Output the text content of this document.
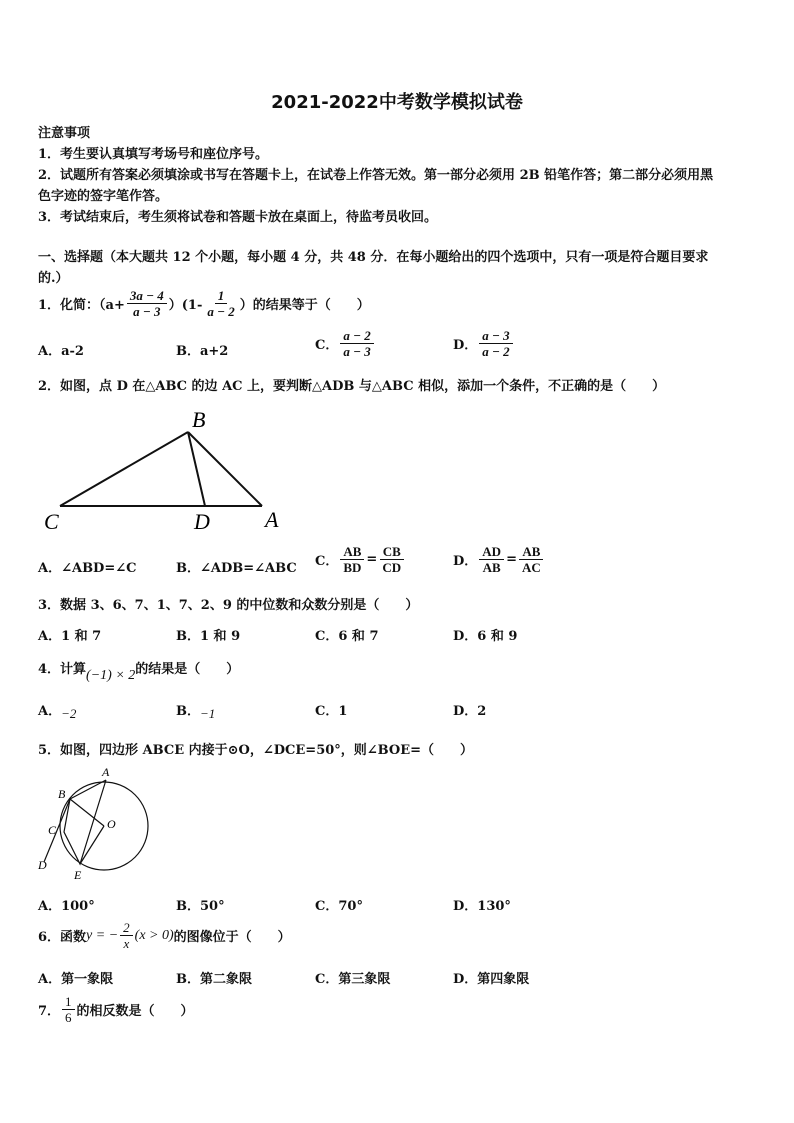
2021-2022中考数学模拟试卷
注意事项
1．考生要认真填写考场号和座位序号。
2．试题所有答案必须填涂或书写在答题卡上，在试卷上作答无效。第一部分必须用 2B 铅笔作答；第二部分必须用黑
色字迹的签字笔作答。
3．考试结束后，考生须将试卷和答题卡放在桌面上，待监考员收回。
一、选择题（本大题共 12 个小题，每小题 4 分，共 48 分．在每小题给出的四个选项中，只有一项是符合题目要求
的.）
1．化简：$(a+ \frac{3a - 4}{a - 3} )(1- \frac{1}{a - 2}$ ）的结果等于（　　）
A．a-2	B．a+2	C． $\frac{a - 2}{a - 3}$	D． $\frac{a - 3}{a - 2}$
2．如图，点 D 在△ABC 的边 AC 上，要判断△ADB 与△ABC 相似，添加一个条件，不正确的是（　　）
B
C	D	A
A．∠ABD=∠C	B．∠ADB=∠ABC C． $\frac{AB}{BD} = \frac{CB}{CD}$	D． $\frac{AD}{AB} = \frac{AB}{AC}$
3．数据 3、6、7、1、7、2、9 的中位数和众数分别是（　　）
A．1 和 7	B．1 和 9	C．6 和 7	D．6 和 9
4．计算 (−1) × 2 的结果是（　　）
A．−2	B．−1	C．1	D．2
5．如图，四边形 ABCE 内接于⊙O，∠DCE=50°，则∠BOE=（　　）
A
B
C	O
D
E
A．100°	B．50°	C．70°	D．130°
6．函数 y = − $\frac{2}{x} (x > 0)$ 的图像位于（　　）
A．第一象限	B．第二象限	C．第三象限	D．第四象限
7． $\frac{1}{6}$ 的相反数是（　　）
